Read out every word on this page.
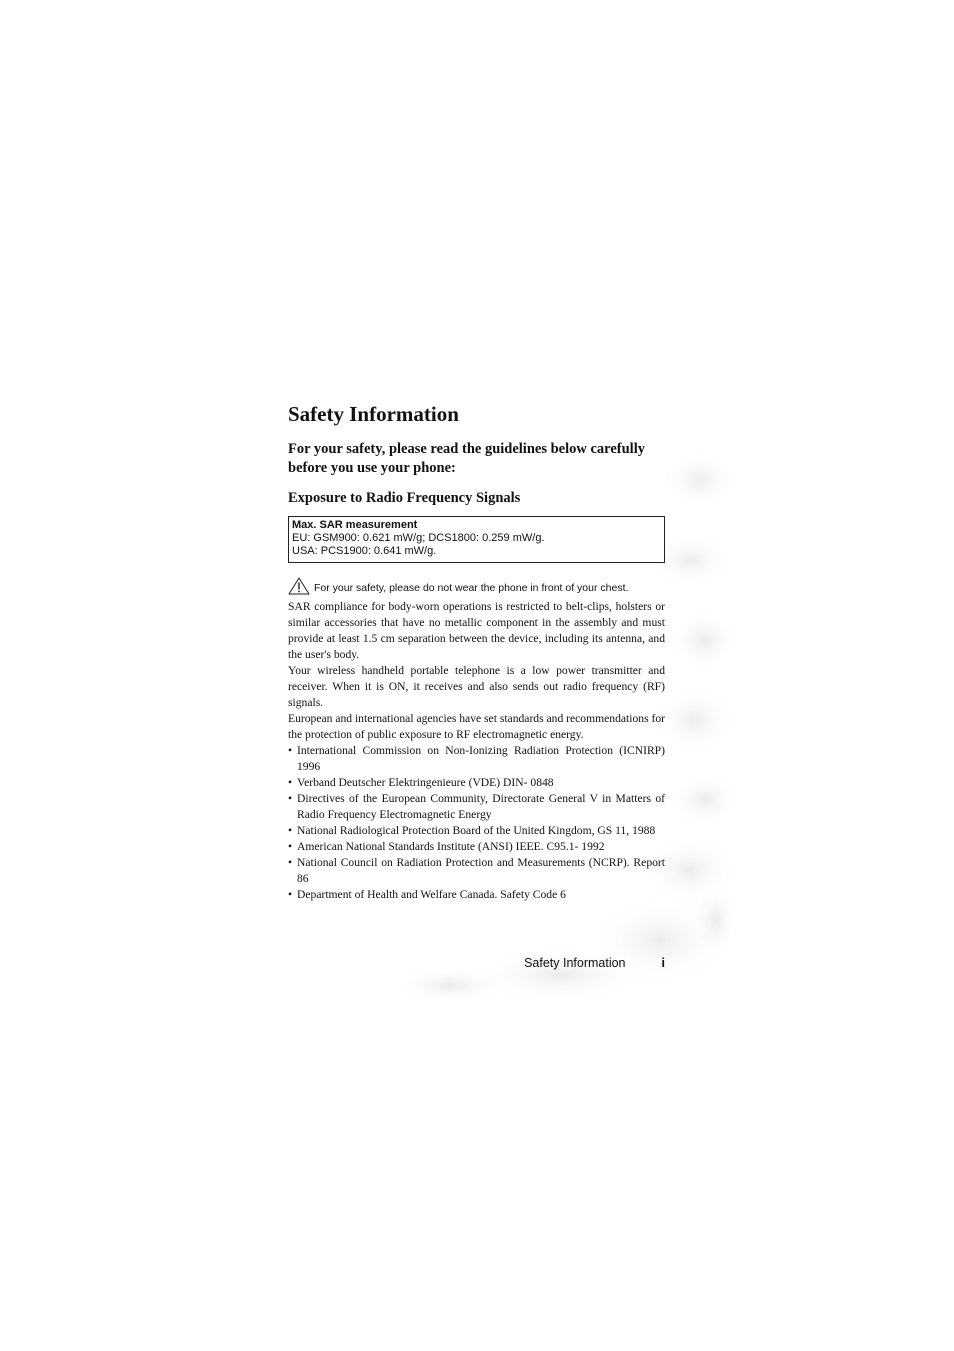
Safety Information

For your safety, please read the guidelines below carefully before you use your phone:

Exposure to Radio Frequency Signals
Max. SAR measurement
EU: GSM900: 0.621 mW/g; DCS1800: 0.259 mW/g.
USA: PCS1900: 0.641 mW/g.
For your safety, please do not wear the phone in front of your chest.

SAR compliance for body-worn operations is restricted to belt-clips, holsters or similar accessories that have no metallic component in the assembly and must provide at least 1.5 cm separation between the device, including its antenna, and the user's body.

Your wireless handheld portable telephone is a low power transmitter and receiver. When it is ON, it receives and also sends out radio frequency (RF) signals.

European and international agencies have set standards and recommendations for the protection of public exposure to RF electromagnetic energy.

• International Commission on Non-Ionizing Radiation Protection (ICNIRP) 1996
• Verband Deutscher Elektringenieure (VDE) DIN- 0848
• Directives of the European Community, Directorate General V in Matters of Radio Frequency Electromagnetic Energy
• National Radiological Protection Board of the United Kingdom, GS 11, 1988
• American National Standards Institute (ANSI) IEEE. C95.1- 1992
• National Council on Radiation Protection and Measurements (NCRP). Report 86
• Department of Health and Welfare Canada. Safety Code 6
Safety Information	i
